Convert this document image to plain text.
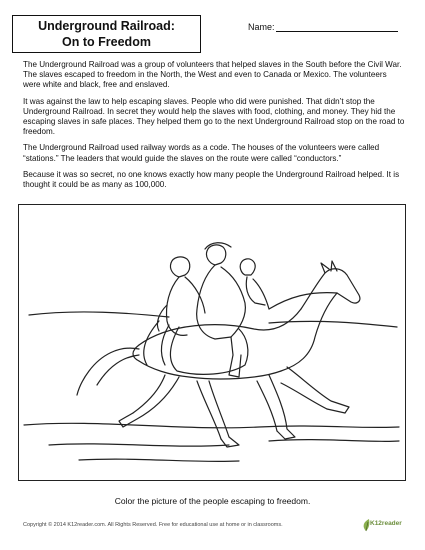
Underground Railroad:
On to Freedom
Name:

The Underground Railroad was a group of volunteers that helped slaves in the South before the Civil War. The slaves escaped to freedom in the North, the West and even to Canada or Mexico. The volunteers were white and black, free and enslaved.

It was against the law to help escaping slaves. People who did were punished. That didn’t stop the Underground Railroad. In secret they would help the slaves with food, clothing, and money. They hid the escaping slaves in safe places. They helped them go to the next Underground Railroad stop on the road to freedom.

The Underground Railroad used railway words as a code. The houses of the volunteers were called “stations.” The leaders that would guide the slaves on the route were called “conductors.”

Because it was so secret, no one knows exactly how many people the Underground Railroad helped. It is thought it could be as many as 100,000.

Color the picture of the people escaping to freedom.
Copyright © 2014 K12reader.com. All Rights Reserved. Free for educational use at home or in classrooms.	K12reader
